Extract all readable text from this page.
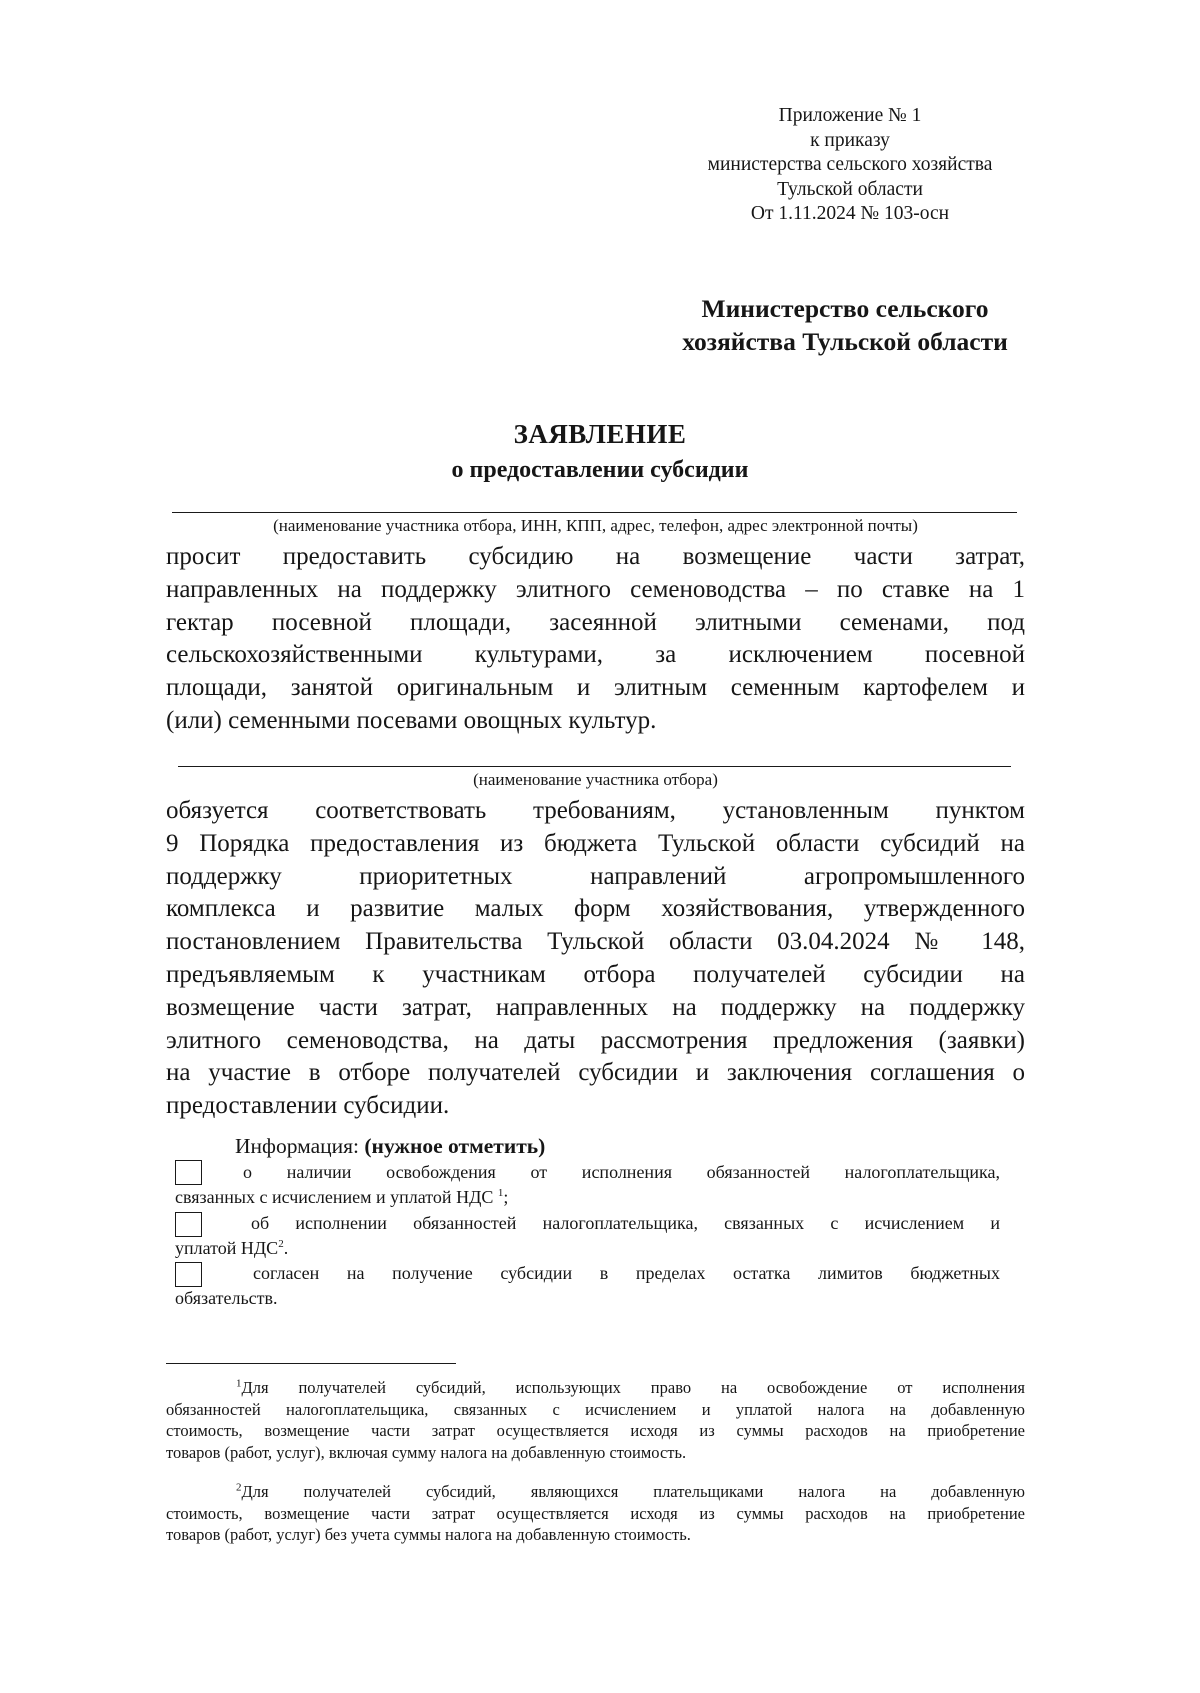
Приложение № 1
к приказу
министерства сельского хозяйства
Тульской области
От 1.11.2024 № 103-осн
Министерство сельского
хозяйства Тульской области
ЗАЯВЛЕНИЕ
о предоставлении субсидии
(наименование участника отбора, ИНН, КПП, адрес, телефон, адрес электронной почты)
просит предоставить субсидию на возмещение части затрат,
направленных на поддержку элитного семеноводства – по ставке на 1
гектар посевной площади, засеянной элитными семенами, под
сельскохозяйственными культурами, за исключением посевной
площади, занятой оригинальным и элитным семенным картофелем и
(или) семенными посевами овощных культур.
(наименование участника отбора)
обязуется соответствовать требованиям, установленным пунктом
9 Порядка предоставления из бюджета Тульской области субсидий на
поддержку приоритетных направлений агропромышленного
комплекса и развитие малых форм хозяйствования, утвержденного
постановлением Правительства Тульской области 03.04.2024 № 148,
предъявляемым к участникам отбора получателей субсидии на
возмещение части затрат, направленных на поддержку на поддержку
элитного семеноводства, на даты рассмотрения предложения (заявки)
на участие в отборе получателей субсидии и заключения соглашения о
предоставлении субсидии.
Информация: (нужное отметить)
о наличии освобождения от исполнения обязанностей налогоплательщика,
связанных с исчислением и уплатой НДС $^1$;
об исполнении обязанностей налогоплательщика, связанных с исчислением и
уплатой НДС$^2$.
согласен на получение субсидии в пределах остатка лимитов бюджетных
обязательств.
$^1$Для получателей субсидий, использующих право на освобождение от исполнения
обязанностей налогоплательщика, связанных с исчислением и уплатой налога на добавленную
стоимость, возмещение части затрат осуществляется исходя из суммы расходов на приобретение
товаров (работ, услуг), включая сумму налога на добавленную стоимость.
$^2$Для получателей субсидий, являющихся плательщиками налога на добавленную
стоимость, возмещение части затрат осуществляется исходя из суммы расходов на приобретение
товаров (работ, услуг) без учета суммы налога на добавленную стоимость.
